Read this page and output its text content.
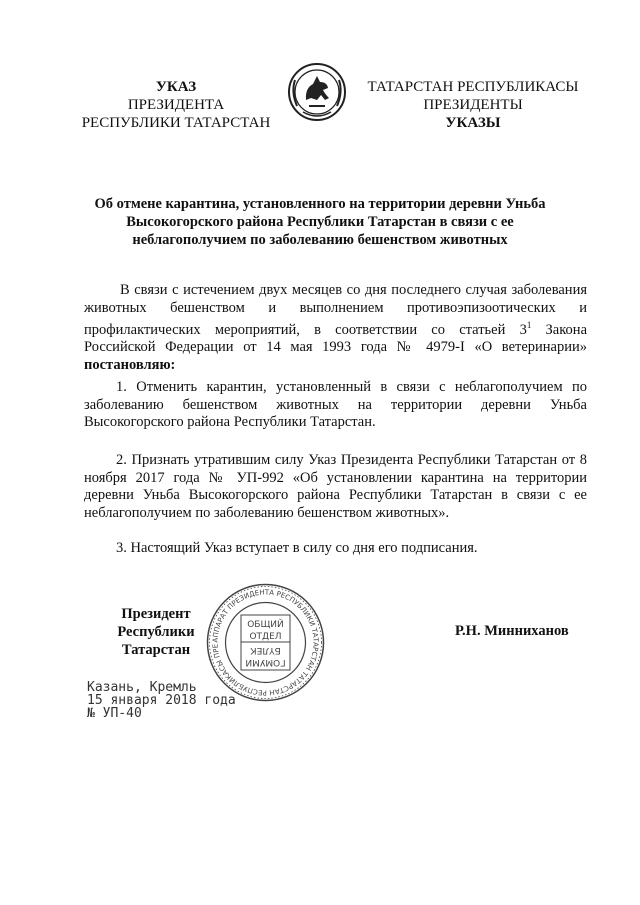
УКАЗ
ПРЕЗИДЕНТА
РЕСПУБЛИКИ ТАТАРСТАН
ТАТАРСТАН РЕСПУБЛИКАСЫ
ПРЕЗИДЕНТЫ
УКАЗЫ
Об отмене карантина, установленного на территории деревни Уньба Высокогорского района Республики Татарстан в связи с ее неблагополучием по заболеванию бешенством животных

В связи с истечением двух месяцев со дня последнего случая заболевания животных бешенством и выполнением противоэпизоотических и профилактических мероприятий, в соответствии со статьей $3^1$ Закона Российской Федерации от 14 мая 1993 года № 4979-I «О ветеринарии» постановляю:

1. Отменить карантин, установленный в связи с неблагополучием по заболеванию бешенством животных на территории деревни Уньба Высокогорского района Республики Татарстан.

2. Признать утратившим силу Указ Президента Республики Татарстан от 8 ноября 2017 года № УП-992 «Об установлении карантина на территории деревни Уньба Высокогорского района Республики Татарстан в связи с ее неблагополучием по заболеванию бешенством животных».

3. Настоящий Указ вступает в силу со дня его подписания.

АППАРАТ ПРЕЗИДЕНТА РЕСПУБЛИКИ ТАТАРСТАН ТАТАРСТАН РЕСПУБЛИКАСЫ ПРЕ
ОБЩИЙ
ОТДЕЛ
ГОМУМИ
БҮЛЕК
Президент
Республики Татарстан
Р.Н. Минниханов
Казань, Кремль
15 января 2018 года
№ УП-40
